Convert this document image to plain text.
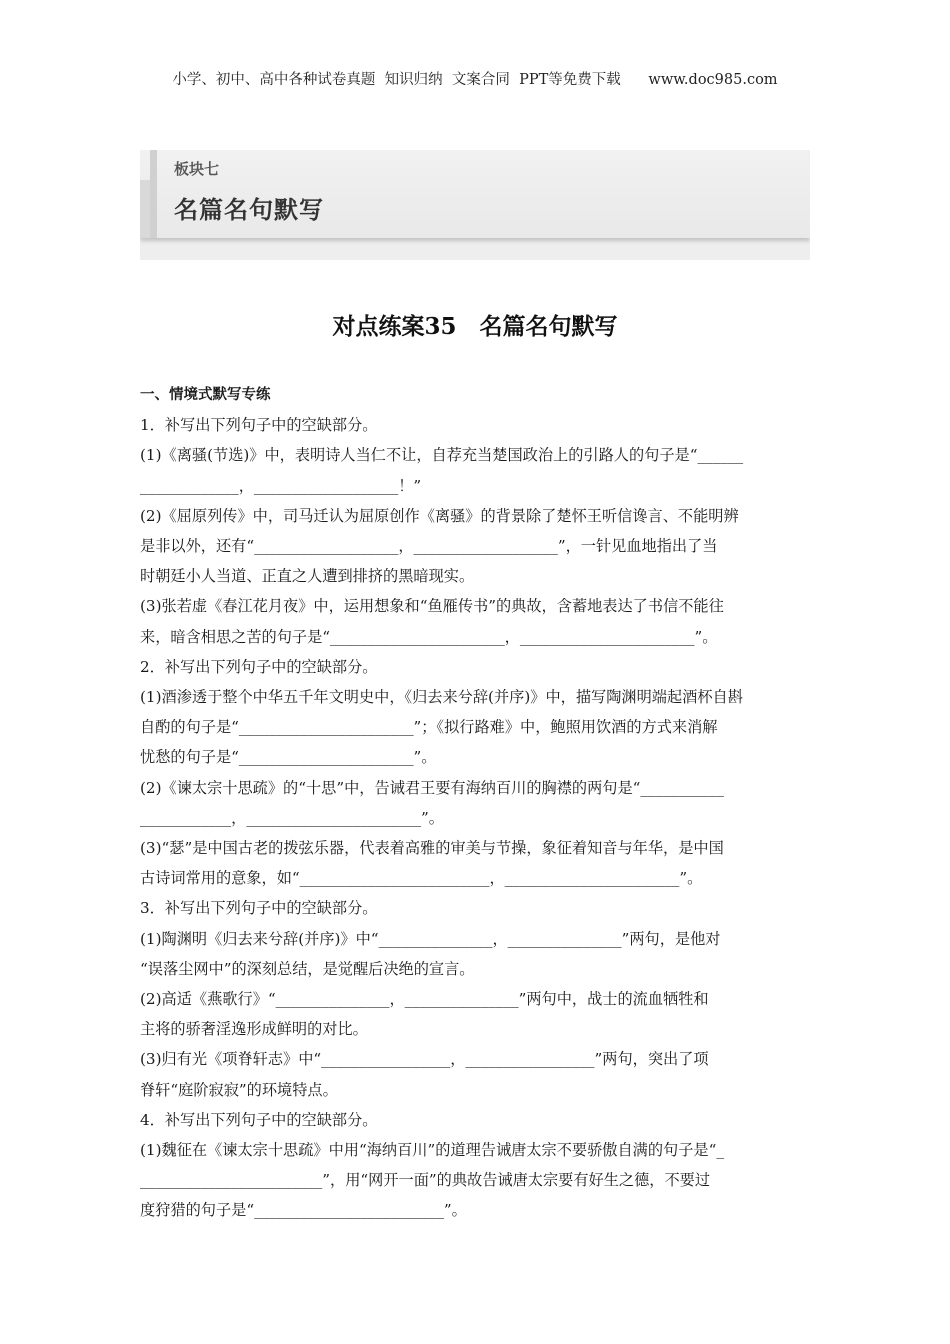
小学、初中、高中各种试卷真题  知识归纳  文案合同  PPT等免费下载      www.doc985.com
板块七
名篇名句默写
对点练案35　名篇名句默写

一、情境式默写专练

1．补写出下列句子中的空缺部分。

(1)《离骚(节选)》中，表明诗人当仁不让，自荐充当楚国政治上的引路人的句子是“______

_____________，___________________！”

(2)《屈原列传》中，司马迁认为屈原创作《离骚》的背景除了楚怀王听信谗言、不能明辨

是非以外，还有“___________________，___________________”，一针见血地指出了当

时朝廷小人当道、正直之人遭到排挤的黑暗现实。

(3)张若虚《春江花月夜》中，运用想象和“鱼雁传书”的典故，含蓄地表达了书信不能往

来，暗含相思之苦的句子是“_______________________，_______________________”。

2．补写出下列句子中的空缺部分。

(1)酒渗透于整个中华五千年文明史中，《归去来兮辞(并序)》中，描写陶渊明端起酒杯自斟

自酌的句子是“_______________________”；《拟行路难》中，鲍照用饮酒的方式来消解

忧愁的句子是“_______________________”。

(2)《谏太宗十思疏》的“十思”中，告诫君王要有海纳百川的胸襟的两句是“___________

____________，_______________________”。

(3)“瑟”是中国古老的拨弦乐器，代表着高雅的审美与节操，象征着知音与年华，是中国

古诗词常用的意象，如“_________________________，_______________________”。

3．补写出下列句子中的空缺部分。

(1)陶渊明《归去来兮辞(并序)》中“_______________，_______________”两句，是他对

“误落尘网中”的深刻总结，是觉醒后决绝的宣言。

(2)高适《燕歌行》“_______________，_______________”两句中，战士的流血牺牲和

主将的骄奢淫逸形成鲜明的对比。

(3)归有光《项脊轩志》中“_________________，_________________”两句，突出了项

脊轩“庭阶寂寂”的环境特点。

4．补写出下列句子中的空缺部分。

(1)魏征在《谏太宗十思疏》中用“海纳百川”的道理告诫唐太宗不要骄傲自满的句子是“_

________________________”，用“网开一面”的典故告诫唐太宗要有好生之德，不要过

度狩猎的句子是“_________________________”。
